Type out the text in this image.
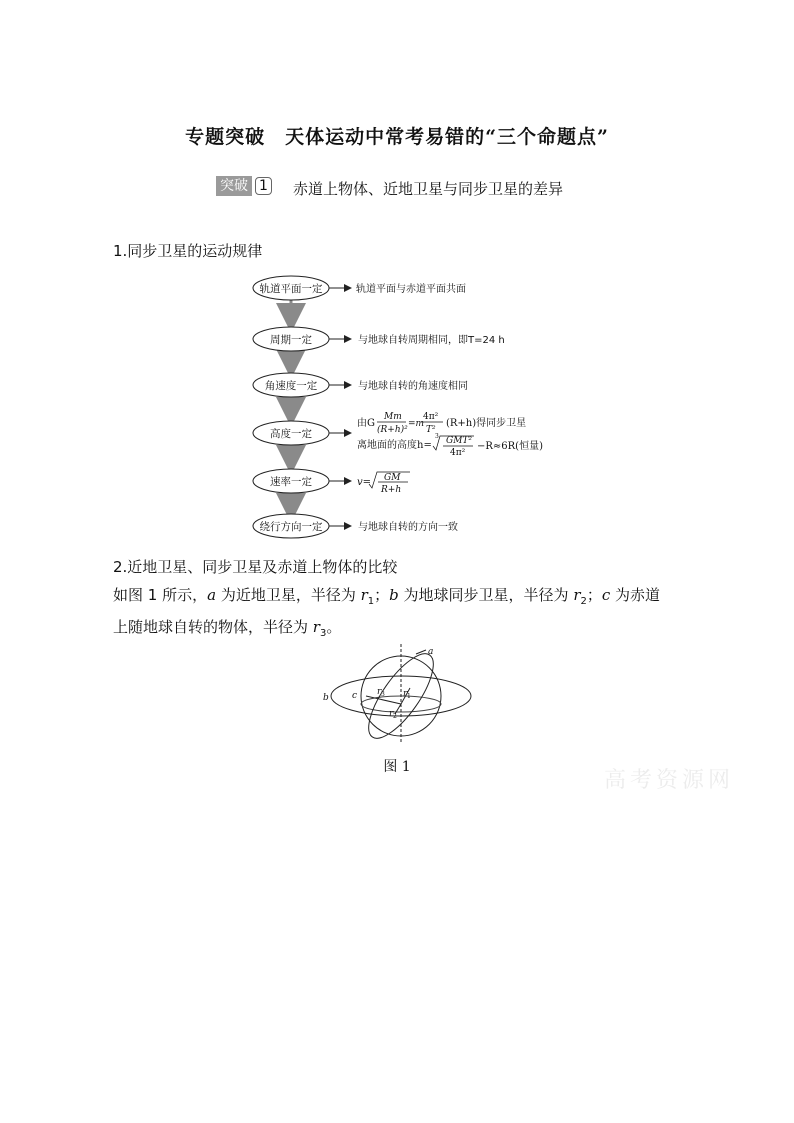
专题突破　天体运动中常考易错的“三个命题点”
突破 1 赤道上物体、近地卫星与同步卫星的差异
1.同步卫星的运动规律
轨道平面一定
周期一定
角速度一定
高度一定
速率一定
绕行方向一定
轨道平面与赤道平面共面
与地球自转周期相同，即T=24 h
与地球自转的角速度相同
与地球自转的方向一致
由G
Mm
(R+h)²
=m
4π²
T²
(R+h)得同步卫星
离地面的高度h=
3 GMT²
4π²
−R≈6R(恒量)
v= GM
R+h
2.近地卫星、同步卫星及赤道上物体的比较
如图 1 所示，a 为近地卫星，半径为 $r_1$；b 为地球同步卫星，半径为 $r_2$；c 为赤道
上随地球自转的物体，半径为 $r_3$。
a
b	c r 3 r 1
r 2
图 1
高考资源网
